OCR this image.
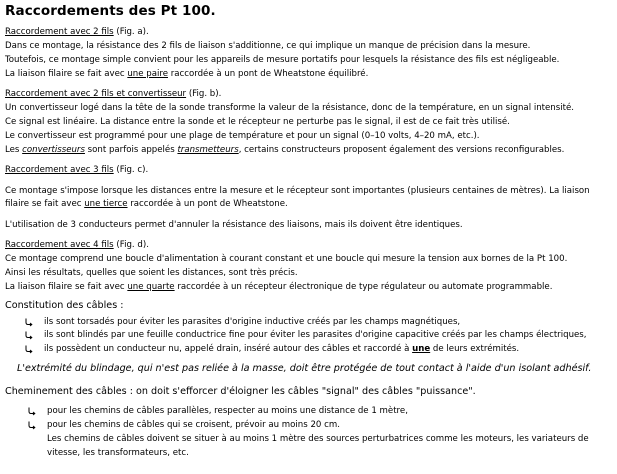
Raccordements des Pt 100.
Raccordement avec 2 fils (Fig. a).
Dans ce montage, la résistance des 2 fils de liaison s'additionne, ce qui implique un manque de précision dans la mesure.
Toutefois, ce montage simple convient pour les appareils de mesure portatifs pour lesquels la résistance des fils est négligeable.
La liaison filaire se fait avec une paire raccordée à un pont de Wheatstone équilibré.
Raccordement avec 2 fils et convertisseur (Fig. b).
Un convertisseur logé dans la tête de la sonde transforme la valeur de la résistance, donc de la température, en un signal intensité.
Ce signal est linéaire. La distance entre la sonde et le récepteur ne perturbe pas le signal, il est de ce fait très utilisé.
Le convertisseur est programmé pour une plage de température et pour un signal (0–10 volts, 4–20 mA, etc.).
Les convertisseurs sont parfois appelés transmetteurs, certains constructeurs proposent également des versions reconfigurables.
Raccordement avec 3 fils (Fig. c).
Ce montage s'impose lorsque les distances entre la mesure et le récepteur sont importantes (plusieurs centaines de mètres). La liaison
filaire se fait avec une tierce raccordée à un pont de Wheatstone.
L'utilisation de 3 conducteurs permet d'annuler la résistance des liaisons, mais ils doivent être identiques.
Raccordement avec 4 fils (Fig. d).
Ce montage comprend une boucle d'alimentation à courant constant et une boucle qui mesure la tension aux bornes de la Pt 100.
Ainsi les résultats, quelles que soient les distances, sont très précis.
La liaison filaire se fait avec une quarte raccordée à un récepteur électronique de type régulateur ou automate programmable.
Constitution des câbles :
ils sont torsadés pour éviter les parasites d'origine inductive créés par les champs magnétiques,
ils sont blindés par une feuille conductrice fine pour éviter les parasites d'origine capacitive créés par les champs électriques,
ils possèdent un conducteur nu, appelé drain, inséré autour des câbles et raccordé à une de leurs extrémités.
L'extrémité du blindage, qui n'est pas reliée à la masse, doit être protégée de tout contact à l'aide d'un isolant adhésif.
Cheminement des câbles : on doit s'efforcer d'éloigner les câbles "signal" des câbles "puissance".
pour les chemins de câbles parallèles, respecter au moins une distance de 1 mètre,
pour les chemins de câbles qui se croisent, prévoir au moins 20 cm.
Les chemins de câbles doivent se situer à au moins 1 mètre des sources perturbatrices comme les moteurs, les variateurs de
vitesse, les transformateurs, etc.
